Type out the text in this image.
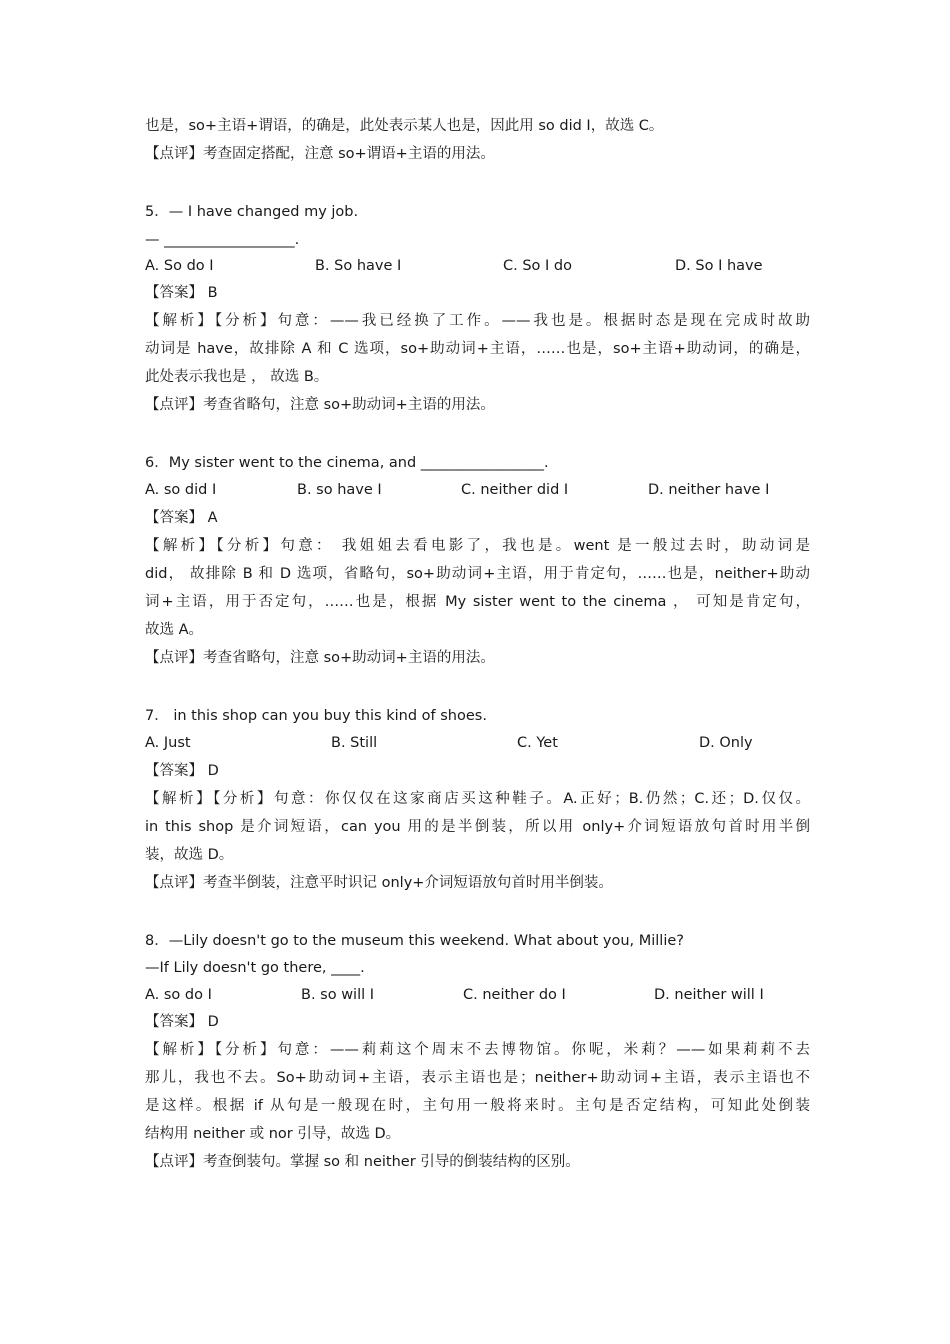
也是，so+主语+谓语，的确是，此处表示某人也是，因此用 so did I，故选 C。
【点评】考查固定搭配，注意 so+谓语+主语的用法。
5．— I have changed my job.
— __________________.
A. So do I	B. So have I	C. So I do	D. So I have
【答案】 B
【解析】【分析】句意：——我已经换了工作。——我也是。根据时态是现在完成时故助
动词是 have，故排除 A 和 C 选项，so+助动词+主语，……也是，so+主语+助动词，的确是，
此处表示我也是 ， 故选 B。
【点评】考查省略句，注意 so+助动词+主语的用法。
6．My sister went to the cinema, and _________________.
A. so did I	B. so have I	C. neither did I	D. neither have I
【答案】 A
【解析】【分析】句意： 我姐姐去看电影了，我也是。went 是一般过去时，助动词是
did， 故排除 B 和 D 选项，省略句，so+助动词+主语，用于肯定句，……也是，neither+助动
词+主语，用于否定句，……也是，根据 My sister went to the cinema ， 可知是肯定句，
故选 A。
【点评】考查省略句，注意 so+助动词+主语的用法。
7． in this shop can you buy this kind of shoes.
A. Just	B. Still	C. Yet	D. Only
【答案】 D
【解析】【分析】句意：你仅仅在这家商店买这种鞋子。A.正好；B.仍然；C.还；D.仅仅。
in this shop 是介词短语，can you 用的是半倒装，所以用 only+介词短语放句首时用半倒
装，故选 D。
【点评】考查半倒装，注意平时识记 only+介词短语放句首时用半倒装。
8．—Lily doesn't go to the museum this weekend. What about you, Millie?
—If Lily doesn't go there, ____.
A. so do I	B. so will I	C. neither do I	D. neither will I
【答案】 D
【解析】【分析】句意：——莉莉这个周末不去博物馆。你呢，米莉？——如果莉莉不去
那儿，我也不去。So+助动词+主语，表示主语也是；neither+助动词+主语，表示主语也不
是这样。根据 if 从句是一般现在时，主句用一般将来时。主句是否定结构，可知此处倒装
结构用 neither 或 nor 引导，故选 D。
【点评】考查倒装句。掌握 so 和 neither 引导的倒装结构的区别。
